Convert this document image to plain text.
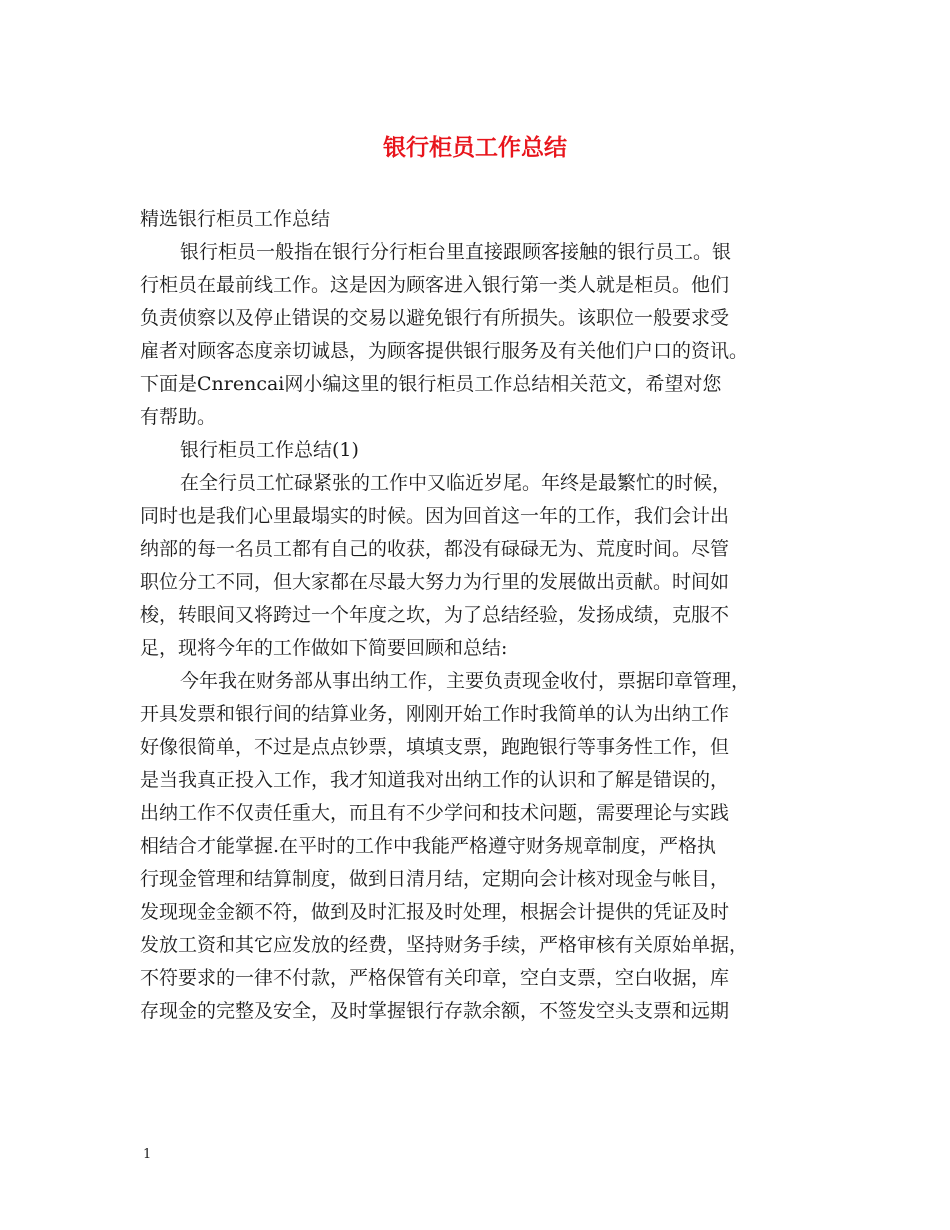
银行柜员工作总结
精选银行柜员工作总结
银行柜员一般指在银行分行柜台里直接跟顾客接触的银行员工。银
行柜员在最前线工作。这是因为顾客进入银行第一类人就是柜员。他们
负责侦察以及停止错误的交易以避免银行有所损失。该职位一般要求受
雇者对顾客态度亲切诚恳，为顾客提供银行服务及有关他们户口的资讯。
下面是Cnrencai网小编这里的银行柜员工作总结相关范文，希望对您
有帮助。
银行柜员工作总结(1)
在全行员工忙碌紧张的工作中又临近岁尾。年终是最繁忙的时候，
同时也是我们心里最塌实的时候。因为回首这一年的工作，我们会计出
纳部的每一名员工都有自己的收获，都没有碌碌无为、荒度时间。尽管
职位分工不同，但大家都在尽最大努力为行里的发展做出贡献。时间如
梭，转眼间又将跨过一个年度之坎，为了总结经验，发扬成绩，克服不
足，现将今年的工作做如下简要回顾和总结:
今年我在财务部从事出纳工作，主要负责现金收付，票据印章管理，
开具发票和银行间的结算业务，刚刚开始工作时我简单的认为出纳工作
好像很简单，不过是点点钞票，填填支票，跑跑银行等事务性工作，但
是当我真正投入工作，我才知道我对出纳工作的认识和了解是错误的，
出纳工作不仅责任重大，而且有不少学问和技术问题，需要理论与实践
相结合才能掌握.在平时的工作中我能严格遵守财务规章制度，严格执
行现金管理和结算制度，做到日清月结，定期向会计核对现金与帐目，
发现现金金额不符，做到及时汇报及时处理，根据会计提供的凭证及时
发放工资和其它应发放的经费，坚持财务手续，严格审核有关原始单据，
不符要求的一律不付款，严格保管有关印章，空白支票，空白收据，库
存现金的完整及安全，及时掌握银行存款余额，不签发空头支票和远期
1
